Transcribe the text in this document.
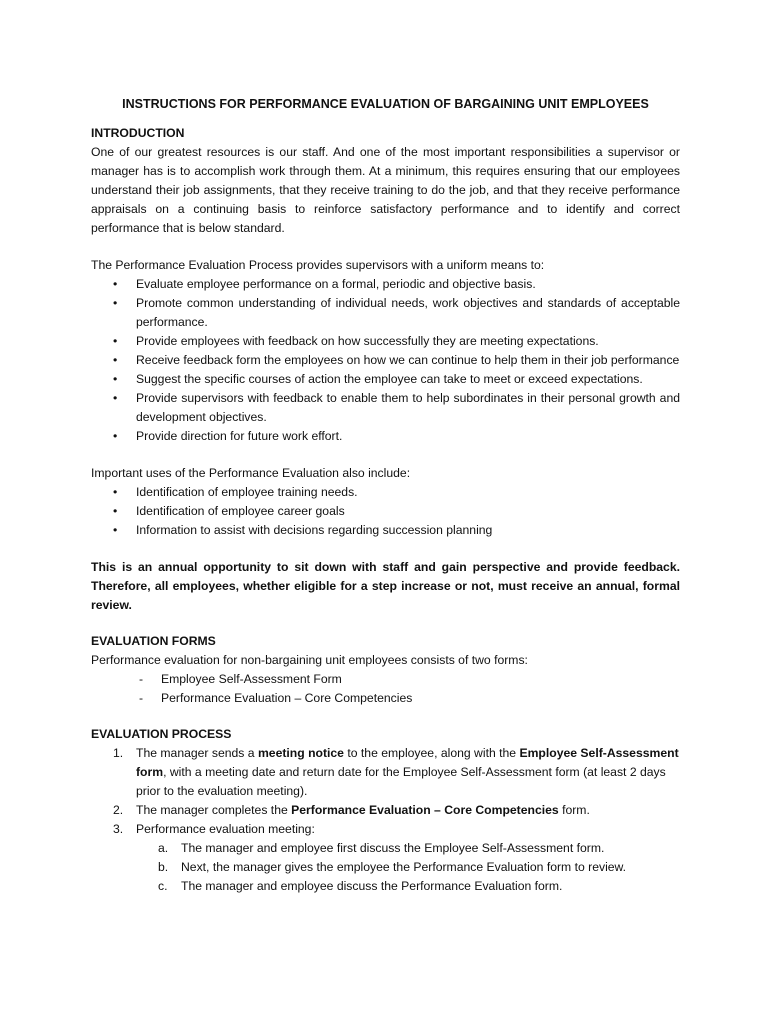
INSTRUCTIONS FOR PERFORMANCE EVALUATION OF BARGAINING UNIT EMPLOYEES
INTRODUCTION

One of our greatest resources is our staff. And one of the most important responsibilities a supervisor or manager has is to accomplish work through them. At a minimum, this requires ensuring that our employees understand their job assignments, that they receive training to do the job, and that they receive performance appraisals on a continuing basis to reinforce satisfactory performance and to identify and correct performance that is below standard.

The Performance Evaluation Process provides supervisors with a uniform means to:

• Evaluate employee performance on a formal, periodic and objective basis.
• Promote common understanding of individual needs, work objectives and standards of acceptable performance.
• Provide employees with feedback on how successfully they are meeting expectations.
• Receive feedback form the employees on how we can continue to help them in their job performance
• Suggest the specific courses of action the employee can take to meet or exceed expectations.
• Provide supervisors with feedback to enable them to help subordinates in their personal growth and development objectives.
• Provide direction for future work effort.

Important uses of the Performance Evaluation also include:

• Identification of employee training needs.
• Identification of employee career goals
• Information to assist with decisions regarding succession planning

This is an annual opportunity to sit down with staff and gain perspective and provide feedback. Therefore, all employees, whether eligible for a step increase or not, must receive an annual, formal review.

EVALUATION FORMS

Performance evaluation for non-bargaining unit employees consists of two forms:

- Employee Self-Assessment Form
- Performance Evaluation – Core Competencies
EVALUATION PROCESS
1. The manager sends a meeting notice to the employee, along with the Employee Self-Assessment form, with a meeting date and return date for the Employee Self-Assessment form (at least 2 days prior to the evaluation meeting).
2. The manager completes the Performance Evaluation – Core Competencies form.
3. Performance evaluation meeting:
a. The manager and employee first discuss the Employee Self-Assessment form.
b. Next, the manager gives the employee the Performance Evaluation form to review.
c. The manager and employee discuss the Performance Evaluation form.
